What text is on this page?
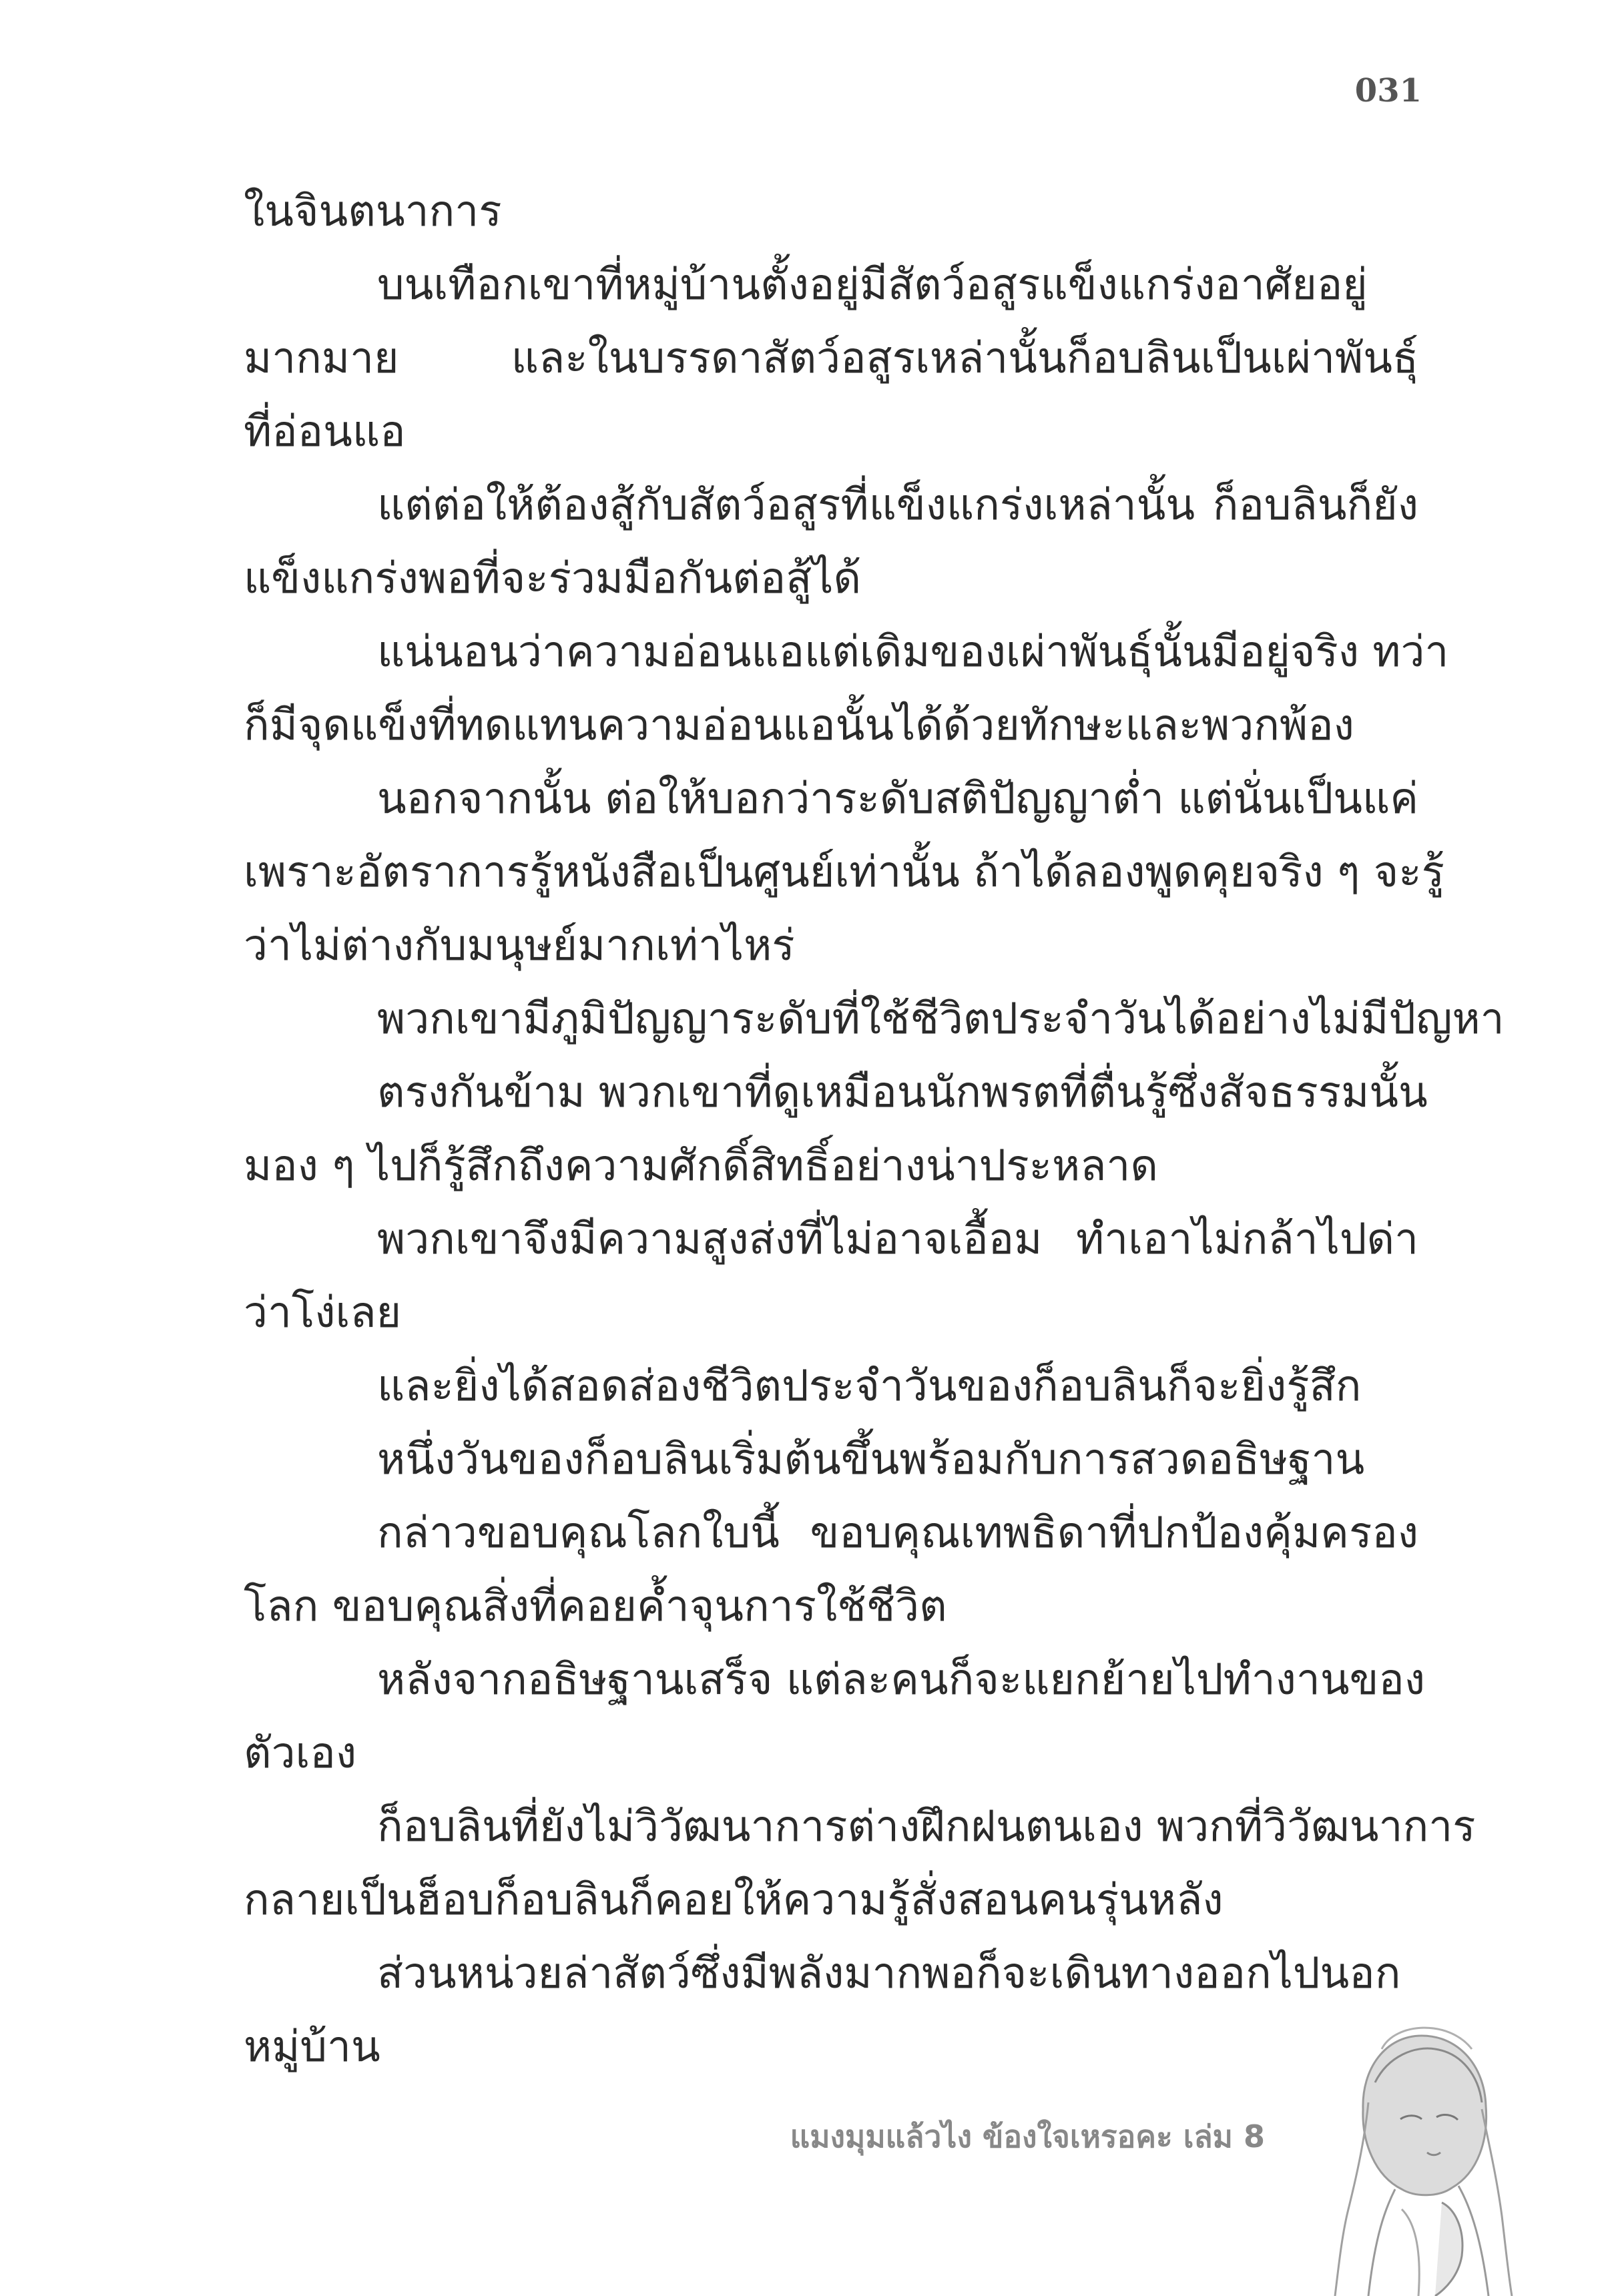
031
ในจินตนาการ
บนเทือกเขาที่หมู่บ้านตั้งอยู่มีสัตว์อสูรแข็งแกร่งอาศัยอยู่
มากมาย และในบรรดาสัตว์อสูรเหล่านั้นก็อบลินเป็นเผ่าพันธุ์
ที่อ่อนแอ
แต่ต่อให้ต้องสู้กับสัตว์อสูรที่แข็งแกร่งเหล่านั้น ก็อบลินก็ยัง
แข็งแกร่งพอที่จะร่วมมือกันต่อสู้ได้
แน่นอนว่าความอ่อนแอแต่เดิมของเผ่าพันธุ์นั้นมีอยู่จริง ทว่า
ก็มีจุดแข็งที่ทดแทนความอ่อนแอนั้นได้ด้วยทักษะและพวกพ้อง
นอกจากนั้น ต่อให้บอกว่าระดับสติปัญญาต่ำ แต่นั่นเป็นแค่
เพราะอัตราการรู้หนังสือเป็นศูนย์เท่านั้น ถ้าได้ลองพูดคุยจริง ๆ จะรู้
ว่าไม่ต่างกับมนุษย์มากเท่าไหร่
พวกเขามีภูมิปัญญาระดับที่ใช้ชีวิตประจำวันได้อย่างไม่มีปัญหา
ตรงกันข้าม พวกเขาที่ดูเหมือนนักพรตที่ตื่นรู้ซึ่งสัจธรรมนั้น
มอง ๆ ไปก็รู้สึกถึงความศักดิ์สิทธิ์อย่างน่าประหลาด
พวกเขาจึงมีความสูงส่งที่ไม่อาจเอื้อม ทำเอาไม่กล้าไปด่า
ว่าโง่เลย
และยิ่งได้สอดส่องชีวิตประจำวันของก็อบลินก็จะยิ่งรู้สึก
หนึ่งวันของก็อบลินเริ่มต้นขึ้นพร้อมกับการสวดอธิษฐาน
กล่าวขอบคุณโลกใบนี้ ขอบคุณเทพธิดาที่ปกป้องคุ้มครอง
โลก ขอบคุณสิ่งที่คอยค้ำจุนการใช้ชีวิต
หลังจากอธิษฐานเสร็จ แต่ละคนก็จะแยกย้ายไปทำงานของ
ตัวเอง
ก็อบลินที่ยังไม่วิวัฒนาการต่างฝึกฝนตนเอง พวกที่วิวัฒนาการ
กลายเป็นฮ็อบก็อบลินก็คอยให้ความรู้สั่งสอนคนรุ่นหลัง
ส่วนหน่วยล่าสัตว์ซึ่งมีพลังมากพอก็จะเดินทางออกไปนอก
หมู่บ้าน
แมงมุมแล้วไง ข้องใจเหรอคะ เล่ม 8
